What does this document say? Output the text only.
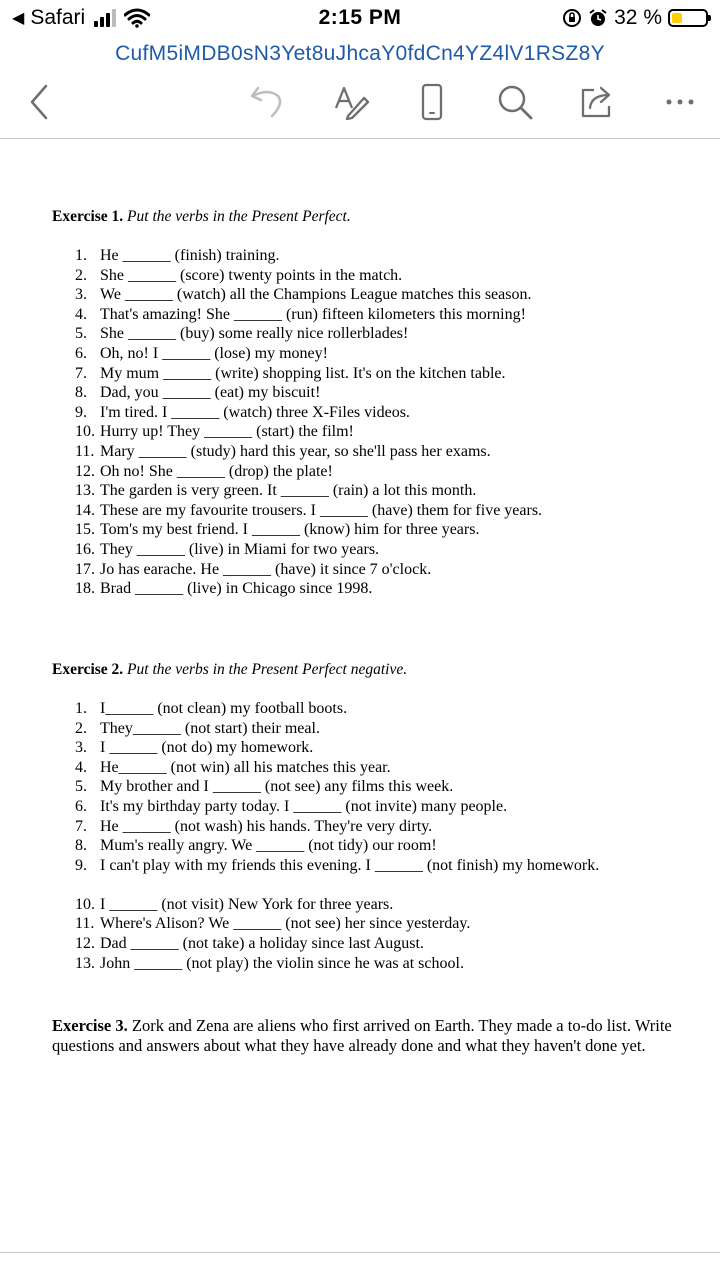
◀ Safari	2:15 PM	32 %
CufM5iMDB0sN3Yet8uJhcaY0fdCn4YZ4lV1RSZ8Y
Exercise 1. Put the verbs in the Present Perfect.
1. He ______ (finish) training.
2. She ______ (score) twenty points in the match.
3. We ______ (watch) all the Champions League matches this season.
4. That's amazing! She ______ (run) fifteen kilometers this morning!
5. She ______ (buy) some really nice rollerblades!
6. Oh, no! I ______ (lose) my money!
7. My mum ______ (write) shopping list. It's on the kitchen table.
8. Dad, you ______ (eat) my biscuit!
9. I'm tired. I ______ (watch) three X-Files videos.
10. Hurry up! They ______ (start) the film!
11. Mary ______ (study) hard this year, so she'll pass her exams.
12. Oh no! She ______ (drop) the plate!
13. The garden is very green. It ______ (rain) a lot this month.
14. These are my favourite trousers. I ______ (have) them for five years.
15. Tom's my best friend. I ______ (know) him for three years.
16. They ______ (live) in Miami for two years.
17. Jo has earache. He ______ (have) it since 7 o'clock.
18. Brad ______ (live) in Chicago since 1998.
Exercise 2. Put the verbs in the Present Perfect negative.
1. I______ (not clean) my football boots.
2. They______ (not start) their meal.
3. I ______ (not do) my homework.
4. He______ (not win) all his matches this year.
5. My brother and I ______ (not see) any films this week.
6. It's my birthday party today. I ______ (not invite) many people.
7. He ______ (not wash) his hands. They're very dirty.
8. Mum's really angry. We ______ (not tidy) our room!
9. I can't play with my friends this evening. I ______ (not finish) my homework.
10. I ______ (not visit) New York for three years.
11. Where's Alison? We ______ (not see) her since yesterday.
12. Dad ______ (not take) a holiday since last August.
13. John ______ (not play) the violin since he was at school.
Exercise 3. Zork and Zena are aliens who first arrived on Earth. They made a to-do list. Write questions and answers about what they have already done and what they haven't done yet.
